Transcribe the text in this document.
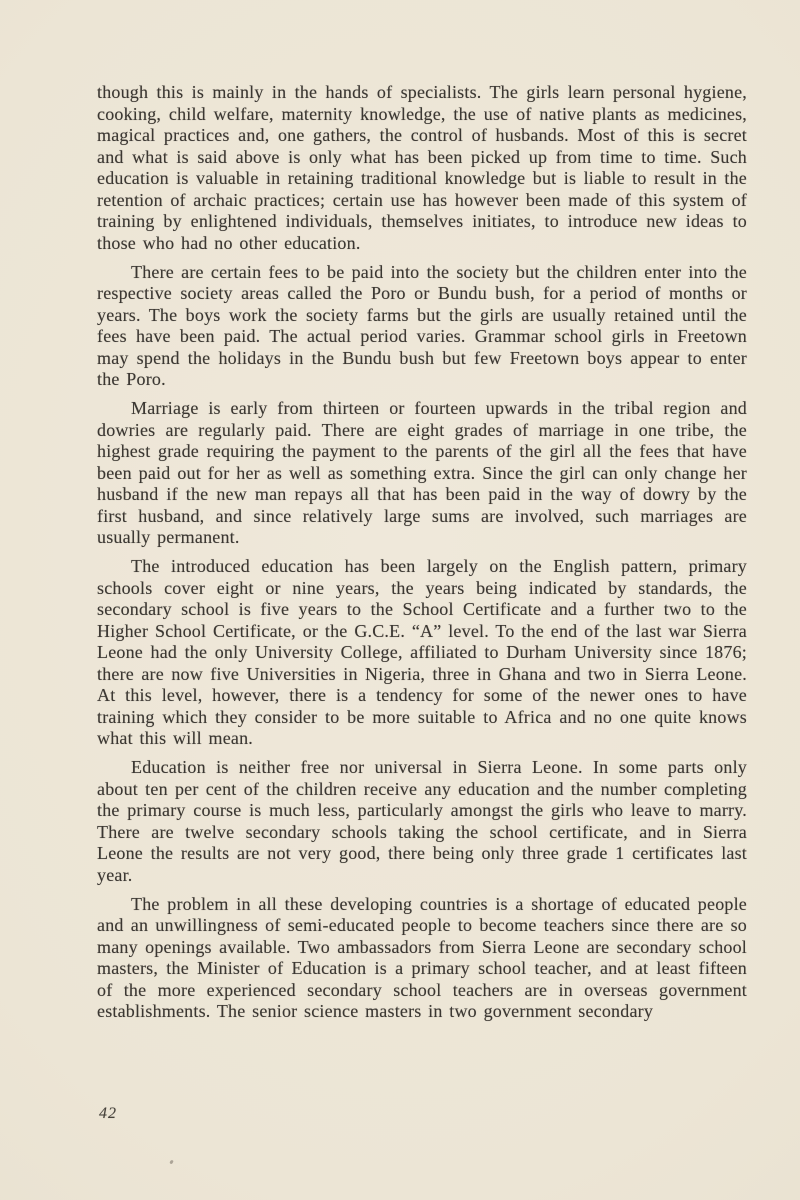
though this is mainly in the hands of specialists. The girls learn personal hygiene, cooking, child welfare, maternity knowledge, the use of native plants as medicines, magical practices and, one gathers, the control of husbands. Most of this is secret and what is said above is only what has been picked up from time to time. Such education is valuable in retaining traditional knowledge but is liable to result in the retention of archaic practices; certain use has however been made of this system of training by enlightened individuals, themselves initiates, to introduce new ideas to those who had no other education.

There are certain fees to be paid into the society but the children enter into the respective society areas called the Poro or Bundu bush, for a period of months or years. The boys work the society farms but the girls are usually retained until the fees have been paid. The actual period varies. Grammar school girls in Freetown may spend the holidays in the Bundu bush but few Freetown boys appear to enter the Poro.

Marriage is early from thirteen or fourteen upwards in the tribal region and dowries are regularly paid. There are eight grades of marriage in one tribe, the highest grade requiring the payment to the parents of the girl all the fees that have been paid out for her as well as something extra. Since the girl can only change her husband if the new man repays all that has been paid in the way of dowry by the first husband, and since relatively large sums are involved, such marriages are usually permanent.

The introduced education has been largely on the English pattern, primary schools cover eight or nine years, the years being indicated by standards, the secondary school is five years to the School Certificate and a further two to the Higher School Certificate, or the G.C.E. “A” level. To the end of the last war Sierra Leone had the only University College, affiliated to Durham University since 1876; there are now five Universities in Nigeria, three in Ghana and two in Sierra Leone. At this level, however, there is a tendency for some of the newer ones to have training which they consider to be more suitable to Africa and no one quite knows what this will mean.

Education is neither free nor universal in Sierra Leone. In some parts only about ten per cent of the children receive any education and the number completing the primary course is much less, particularly amongst the girls who leave to marry. There are twelve secondary schools taking the school certificate, and in Sierra Leone the results are not very good, there being only three grade 1 certificates last year.

The problem in all these developing countries is a shortage of educated people and an unwillingness of semi-educated people to become teachers since there are so many openings available. Two ambassadors from Sierra Leone are secondary school masters, the Minister of Education is a primary school teacher, and at least fifteen of the more experienced secondary school teachers are in overseas government establishments. The senior science masters in two government secondary

42
